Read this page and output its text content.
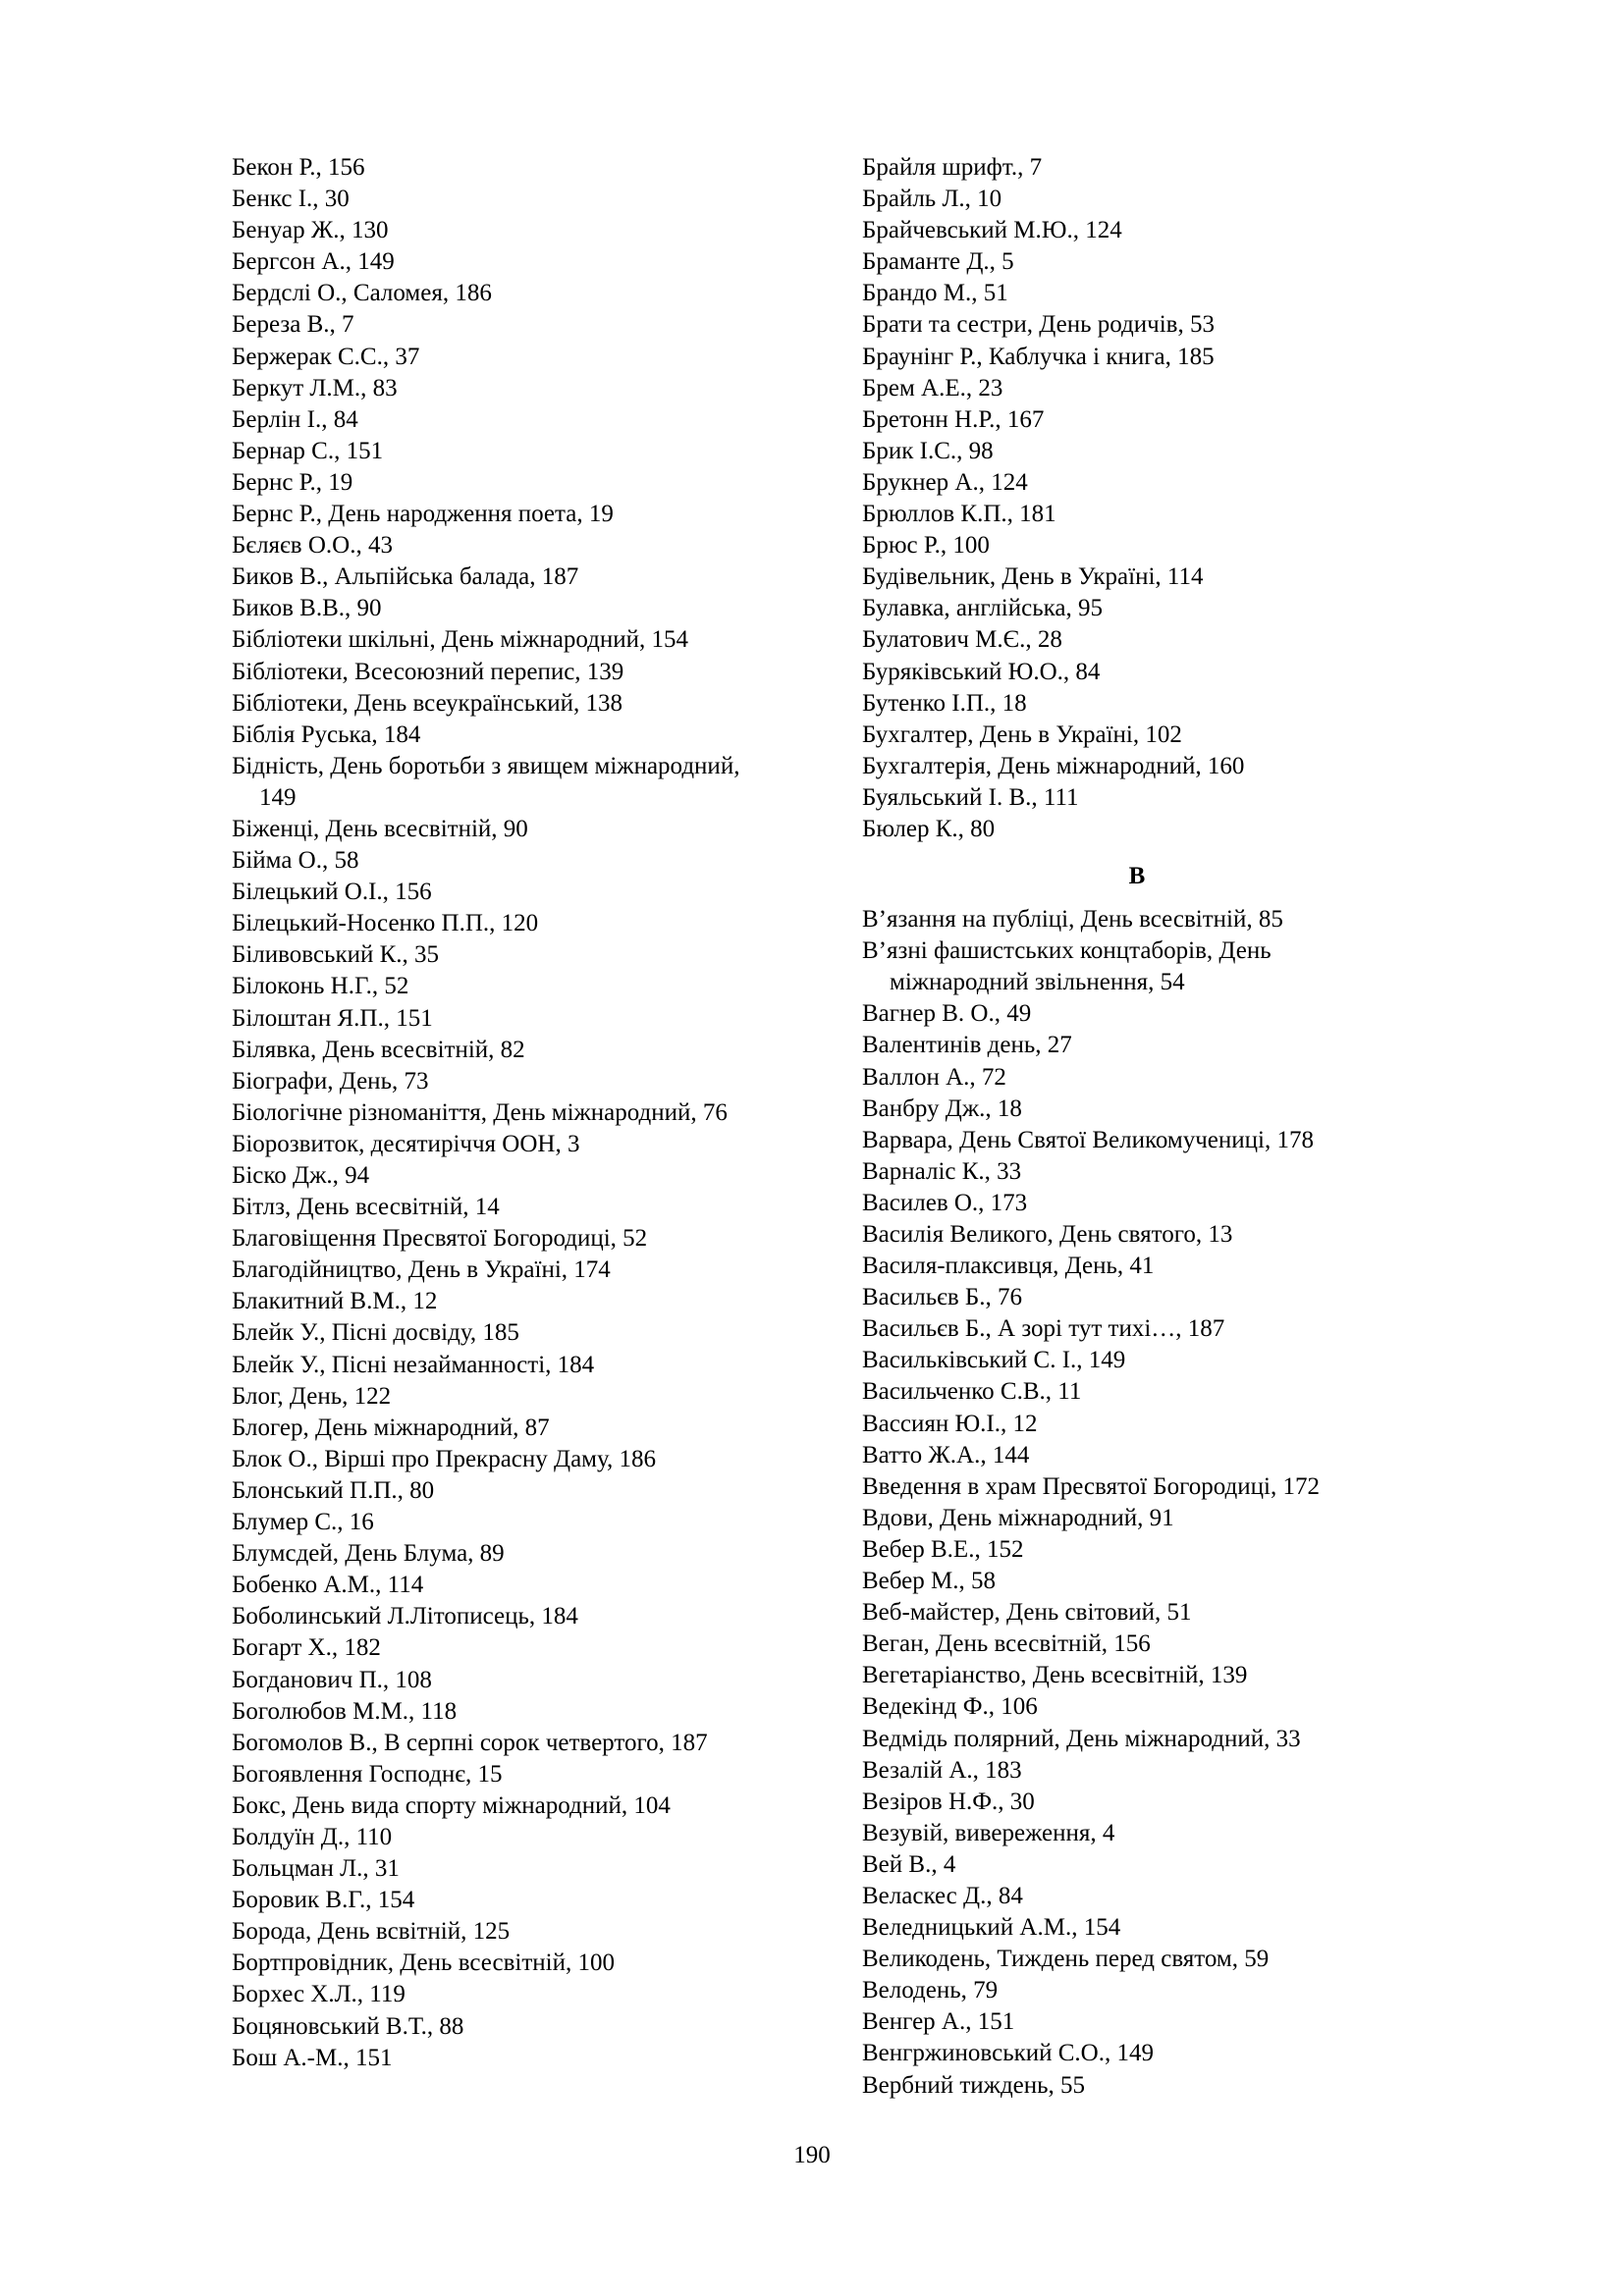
Бекон Р., 156
Бенкс І., 30
Бенуар Ж., 130
Бергсон А., 149
Бердслі О., Саломея, 186
Береза В., 7
Бержерак С.С., 37
Беркут Л.М., 83
Берлін І., 84
Бернар С., 151
Бернс Р., 19
Бернс Р., День народження поета, 19
Бєляєв О.О., 43
Биков В., Альпійська балада, 187
Биков В.В., 90
Бібліотеки шкільні, День міжнародний, 154
Бібліотеки, Всесоюзний перепис, 139
Бібліотеки, День всеукраїнський, 138
Біблія Руська, 184
Бідність, День боротьби з явищем міжнародний, 149
Біженці, День всесвітній, 90
Бійма О., 58
Білецький О.І., 156
Білецький-Носенко П.П., 120
Біливовський К., 35
Білоконь Н.Г., 52
Білоштан Я.П., 151
Білявка, День всесвітній, 82
Біографи, День, 73
Біологічне різноманіття, День міжнародний, 76
Біорозвиток, десятиріччя ООН, 3
Біско Дж., 94
Бітлз, День всесвітній, 14
Благовіщення Пресвятої Богородиці, 52
Благодійництво, День в Україні, 174
Блакитний В.М., 12
Блейк У., Пісні досвіду, 185
Блейк У., Пісні незайманності, 184
Блог, День, 122
Блогер, День міжнародний, 87
Блок О., Вірші про Прекрасну Даму, 186
Блонський П.П., 80
Блумер С., 16
Блумсдей, День Блума, 89
Бобенко А.М., 114
Боболинський Л.Літописець, 184
Богарт Х., 182
Богданович П., 108
Боголюбов М.М., 118
Богомолов В., В серпні сорок четвертого, 187
Богоявлення Господнє, 15
Бокс, День вида спорту міжнародний, 104
Болдуїн Д., 110
Больцман Л., 31
Боровик В.Г., 154
Борода, День всвітній, 125
Бортпровідник, День всесвітній, 100
Борхес Х.Л., 119
Боцяновський В.Т., 88
Бош А.-М., 151
Брайля шрифт., 7
Брайль Л., 10
Брайчевський М.Ю., 124
Браманте Д., 5
Брандо М., 51
Брати та сестри, День родичів, 53
Браунінг Р., Каблучка і книга, 185
Брем А.Е., 23
Бретонн Н.Р., 167
Брик І.С., 98
Брукнер А., 124
Брюллов К.П., 181
Брюс Р., 100
Будівельник, День в Україні, 114
Булавка, англійська, 95
Булатович М.Є., 28
Буряківський Ю.О., 84
Бутенко І.П., 18
Бухгалтер, День в Україні, 102
Бухгалтерія, День міжнародний, 160
Буяльський І. В., 111
Бюлер К., 80
В
В’язання на публіці, День всесвітній, 85
В’язні фашистських концтаборів, День міжнародний звільнення, 54
Вагнер В. О., 49
Валентинів день, 27
Валлон А., 72
Ванбру Дж., 18
Варвара, День Святої Великомучениці, 178
Варналіс К., 33
Василев О., 173
Василія Великого, День святого, 13
Василя-плаксивця, День, 41
Васильєв Б., 76
Васильєв Б., А зорі тут тихі…, 187
Васильківський С. І., 149
Васильченко С.В., 11
Вассиян Ю.І., 12
Ватто Ж.А., 144
Введення в храм Пресвятої Богородиці, 172
Вдови, День міжнародний, 91
Вебер В.Е., 152
Вебер М., 58
Веб-майстер, День світовий, 51
Веган, День всесвітній, 156
Вегетаріанство, День всесвітній, 139
Ведекінд Ф., 106
Ведмідь полярний, День міжнародний, 33
Везалій А., 183
Везіров Н.Ф., 30
Везувій, виверeження, 4
Вей В., 4
Веласкес Д., 84
Веледницький А.М., 154
Великодень, Тиждень перед святом, 59
Велодень, 79
Венгер А., 151
Венгржиновський С.О., 149
Вербний тиждень, 55
190
